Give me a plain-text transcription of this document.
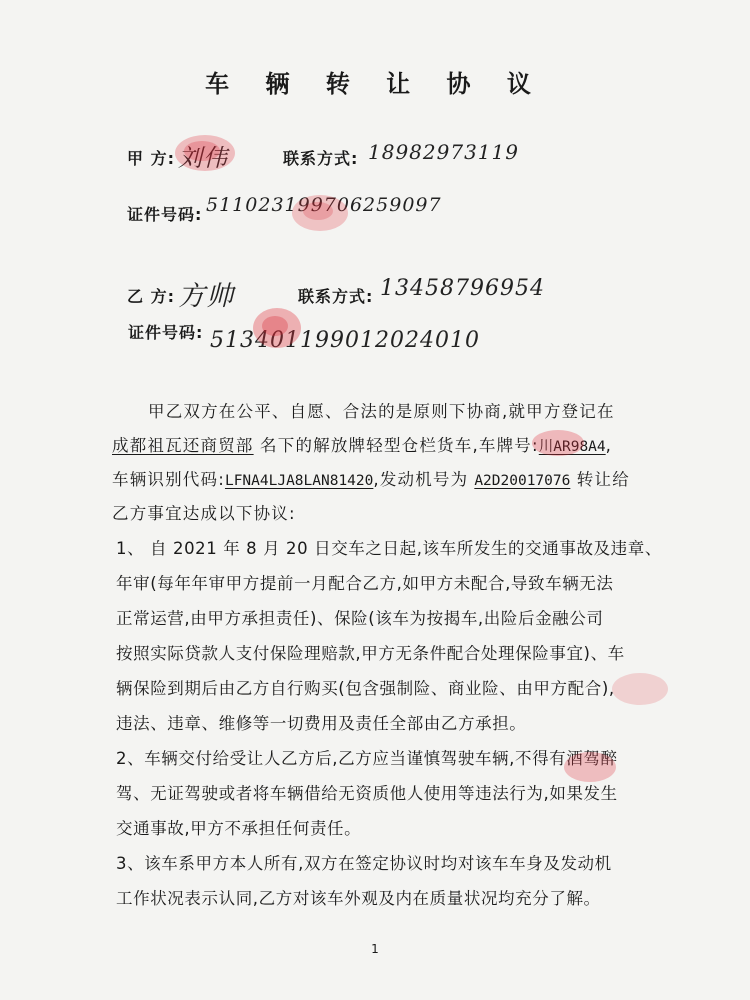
车 辆 转 让 协 议
甲 方: 刘伟	联系方式: 18982973119
证件号码: 511023199706259097
乙 方: 方帅	联系方式: 13458796954
证件号码: 513401199012024010
甲乙双方在公平、自愿、合法的是原则下协商,就甲方登记在
成都祖瓦还商贸部 名下的解放牌轻型仓栏货车,车牌号:川AR98A4,
车辆识别代码:LFNA4LJA8LAN81420,发动机号为 A2D20017076 转让给
乙方事宜达成以下协议:
1、 自 2021 年 8 月 20 日交车之日起,该车所发生的交通事故及违章、
年审(每年年审甲方提前一月配合乙方,如甲方未配合,导致车辆无法
正常运营,由甲方承担责任)、保险(该车为按揭车,出险后金融公司
按照实际贷款人支付保险理赔款,甲方无条件配合处理保险事宜)、车
辆保险到期后由乙方自行购买(包含强制险、商业险、由甲方配合),
违法、违章、维修等一切费用及责任全部由乙方承担。
2、车辆交付给受让人乙方后,乙方应当谨慎驾驶车辆,不得有酒驾醉
驾、无证驾驶或者将车辆借给无资质他人使用等违法行为,如果发生
交通事故,甲方不承担任何责任。
3、该车系甲方本人所有,双方在签定协议时均对该车车身及发动机
工作状况表示认同,乙方对该车外观及内在质量状况均充分了解。
1
